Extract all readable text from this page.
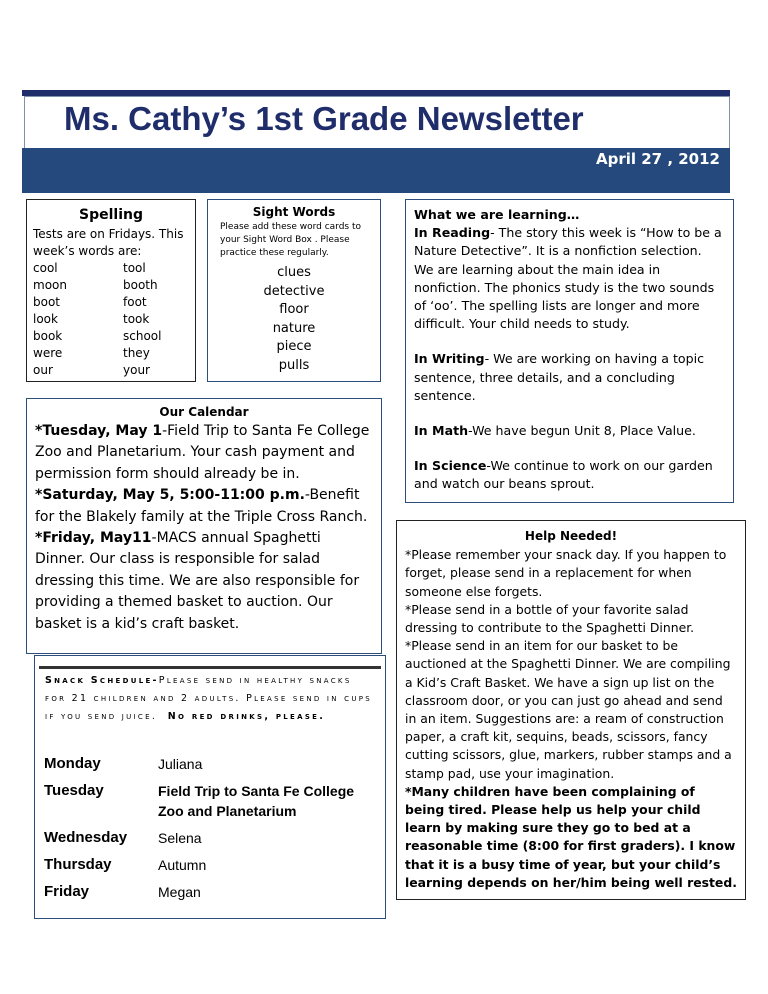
Ms. Cathy’s 1st Grade Newsletter
April 27 , 2012
Spelling
Tests are on Fridays. This week’s words are:
cool	tool
moon	booth
boot	foot
look	took
book	school
were	they
our	your
Sight Words
Please add these word cards to your Sight Word Box . Please practice these regularly.
clues
detective
floor
nature
piece
pulls

What we are learning…
In Reading- The story this week is “How to be a Nature Detective”. It is a nonfiction selection. We are learning about the main idea in nonfiction. The phonics study is the two sounds of ‘oo’. The spelling lists are longer and more difficult. Your child needs to study.

In Writing- We are working on having a topic sentence, three details, and a concluding sentence.

In Math-We have begun Unit 8, Place Value.

In Science-We continue to work on our garden and watch our beans sprout.

Our Calendar
*Tuesday, May 1-Field Trip to Santa Fe College Zoo and Planetarium. Your cash payment and permission form should already be in.
*Saturday, May 5, 5:00-11:00 p.m.-Benefit for the Blakely family at the Triple Cross Ranch.
*Friday, May11-MACS annual Spaghetti Dinner. Our class is responsible for salad dressing this time. We are also responsible for providing a themed basket to auction. Our basket is a kid’s craft basket.
Snack Schedule-Please send in healthy snacks for 21 children and 2 adults. Please send in cups if you send juice. No red drinks, please.
Monday	Juliana
Tuesday	Field Trip to Santa Fe College Zoo and Planetarium
Wednesday	Selena
Thursday	Autumn
Friday	Megan
Help Needed!

*Please remember your snack day. If you happen to forget, please send in a replacement for when someone else forgets.

*Please send in a bottle of your favorite salad dressing to contribute to the Spaghetti Dinner.

*Please send in an item for our basket to be auctioned at the Spaghetti Dinner. We are compiling a Kid’s Craft Basket. We have a sign up list on the classroom door, or you can just go ahead and send in an item. Suggestions are: a ream of construction paper, a craft kit, sequins, beads, scissors, fancy cutting scissors, glue, markers, rubber stamps and a stamp pad, use your imagination.

*Many children have been complaining of being tired. Please help us help your child learn by making sure they go to bed at a reasonable time (8:00 for first graders). I know that it is a busy time of year, but your child’s learning depends on her/him being well rested.
